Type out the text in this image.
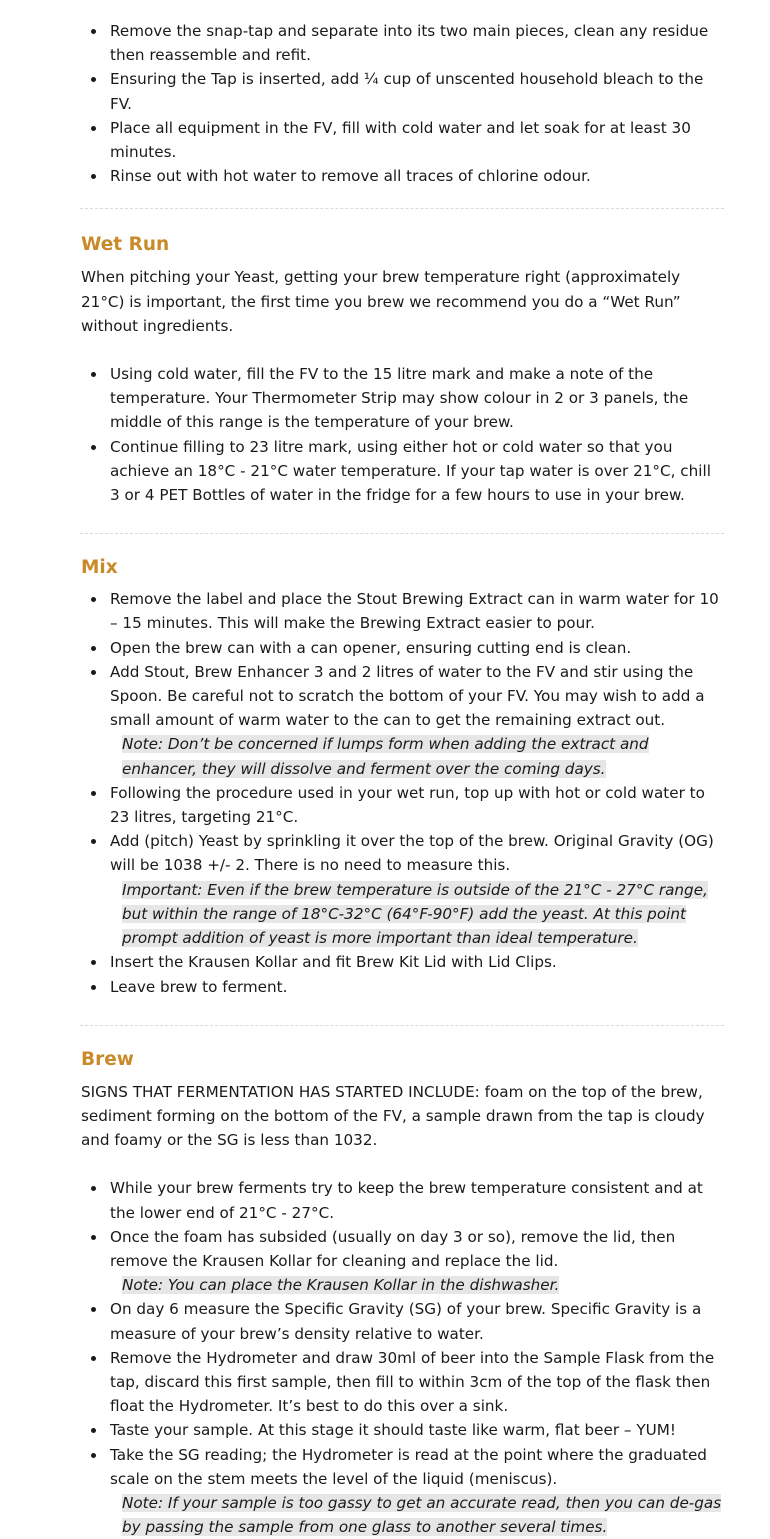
Remove the snap-tap and separate into its two main pieces, clean any residue then reassemble and refit.
Ensuring the Tap is inserted, add ¼ cup of unscented household bleach to the FV.
Place all equipment in the FV, fill with cold water and let soak for at least 30 minutes.
Rinse out with hot water to remove all traces of chlorine odour.
Wet Run

When pitching your Yeast, getting your brew temperature right (approximately 21°C) is important, the first time you brew we recommend you do a “Wet Run” without ingredients.

Using cold water, fill the FV to the 15 litre mark and make a note of the temperature. Your Thermometer Strip may show colour in 2 or 3 panels, the middle of this range is the temperature of your brew.
Continue filling to 23 litre mark, using either hot or cold water so that you achieve an 18°C - 21°C water temperature. If your tap water is over 21°C, chill 3 or 4 PET Bottles of water in the fridge for a few hours to use in your brew.
Mix
Remove the label and place the Stout Brewing Extract can in warm water for 10 – 15 minutes. This will make the Brewing Extract easier to pour.
Open the brew can with a can opener, ensuring cutting end is clean.
Add Stout, Brew Enhancer 3 and 2 litres of water to the FV and stir using the Spoon. Be careful not to scratch the bottom of your FV. You may wish to add a small amount of warm water to the can to get the remaining extract out.
Note: Don’t be concerned if lumps form when adding the extract and enhancer, they will dissolve and ferment over the coming days.
Following the procedure used in your wet run, top up with hot or cold water to 23 litres, targeting 21°C.
Add (pitch) Yeast by sprinkling it over the top of the brew. Original Gravity (OG) will be 1038 +/- 2. There is no need to measure this.
Important: Even if the brew temperature is outside of the 21°C - 27°C range, but within the range of 18°C-32°C (64°F-90°F) add the yeast. At this point prompt addition of yeast is more important than ideal temperature.
Insert the Krausen Kollar and fit Brew Kit Lid with Lid Clips.
Leave brew to ferment.
Brew

SIGNS THAT FERMENTATION HAS STARTED INCLUDE: foam on the top of the brew, sediment forming on the bottom of the FV, a sample drawn from the tap is cloudy and foamy or the SG is less than 1032.

While your brew ferments try to keep the brew temperature consistent and at the lower end of 21°C - 27°C.
Once the foam has subsided (usually on day 3 or so), remove the lid, then remove the Krausen Kollar for cleaning and replace the lid.
Note: You can place the Krausen Kollar in the dishwasher.
On day 6 measure the Specific Gravity (SG) of your brew. Specific Gravity is a measure of your brew’s density relative to water.
Remove the Hydrometer and draw 30ml of beer into the Sample Flask from the tap, discard this first sample, then fill to within 3cm of the top of the flask then float the Hydrometer. It’s best to do this over a sink.
Taste your sample. At this stage it should taste like warm, flat beer – YUM!
Take the SG reading; the Hydrometer is read at the point where the graduated scale on the stem meets the level of the liquid (meniscus).
Note: If your sample is too gassy to get an accurate read, then you can de-gas by passing the sample from one glass to another several times.
